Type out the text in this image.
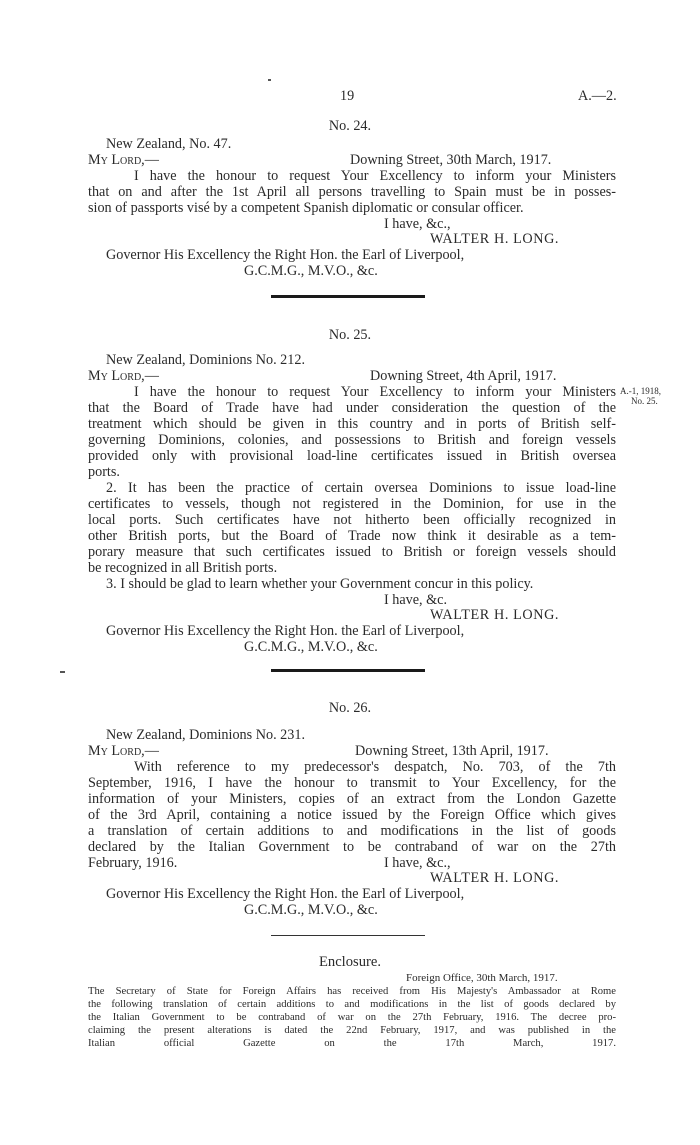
19	A.—2.
No. 24.
New Zealand, No. 47.
My Lord,—	Downing Street, 30th March, 1917.
I have the honour to request Your Excellency to inform your Ministers
that on and after the 1st April all persons travelling to Spain must be in posses-
sion of passports visé by a competent Spanish diplomatic or consular officer.
I have, &c.,
WALTER H. LONG.
Governor His Excellency the Right Hon. the Earl of Liverpool,
G.C.M.G., M.V.O., &c.
No. 25.
New Zealand, Dominions No. 212.
My Lord,—	Downing Street, 4th April, 1917.
A.-1, 1918,
No. 25.
I have the honour to request Your Excellency to inform your Ministers
that the Board of Trade have had under consideration the question of the
treatment which should be given in this country and in ports of British self-
governing Dominions, colonies, and possessions to British and foreign vessels
provided only with provisional load-line certificates issued in British oversea
ports.
2. It has been the practice of certain oversea Dominions to issue load-line
certificates to vessels, though not registered in the Dominion, for use in the
local ports. Such certificates have not hitherto been officially recognized in
other British ports, but the Board of Trade now think it desirable as a tem-
porary measure that such certificates issued to British or foreign vessels should
be recognized in all British ports.
3. I should be glad to learn whether your Government concur in this policy.
I have, &c.
WALTER H. LONG.
Governor His Excellency the Right Hon. the Earl of Liverpool,
G.C.M.G., M.V.O., &c.
No. 26.
New Zealand, Dominions No. 231.
My Lord,—	Downing Street, 13th April, 1917.
With reference to my predecessor's despatch, No. 703, of the 7th
September, 1916, I have the honour to transmit to Your Excellency, for the
information of your Ministers, copies of an extract from the London Gazette
of the 3rd April, containing a notice issued by the Foreign Office which gives
a translation of certain additions to and modifications in the list of goods
declared by the Italian Government to be contraband of war on the 27th
February, 1916.	I have, &c.,
WALTER H. LONG.
Governor His Excellency the Right Hon. the Earl of Liverpool,
G.C.M.G., M.V.O., &c.
Enclosure.
Foreign Office, 30th March, 1917.
The Secretary of State for Foreign Affairs has received from His Majesty's Ambassador at Rome
the following translation of certain additions to and modifications in the list of goods declared by
the Italian Government to be contraband of war on the 27th February, 1916. The decree pro-
claiming the present alterations is dated the 22nd February, 1917, and was published in the
Italian official Gazette on the 17th March, 1917.
